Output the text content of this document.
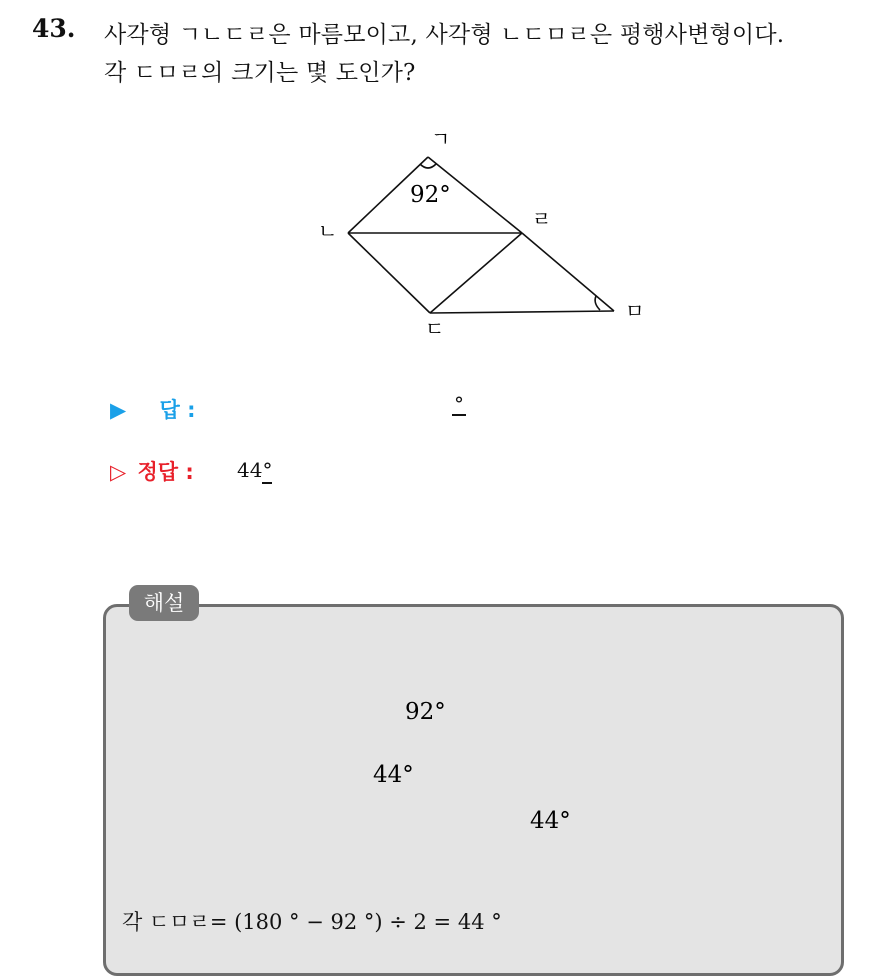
43. 사각형 ㄱㄴㄷㄹ은 마름모이고, 사각형 ㄴㄷㅁㄹ은 평행사변형이다.
각 ㄷㅁㄹ의 크기는 몇 도인가?
ㄱ
ㄴ	ㄹ
ㄷ
ㅁ
92°
▶ 답 :	°
▷ 정답 : 44°
해설
92°
44°
44°
각 ㄷㅁㄹ= (180 ° − 92 °) ÷ 2 = 44 °
